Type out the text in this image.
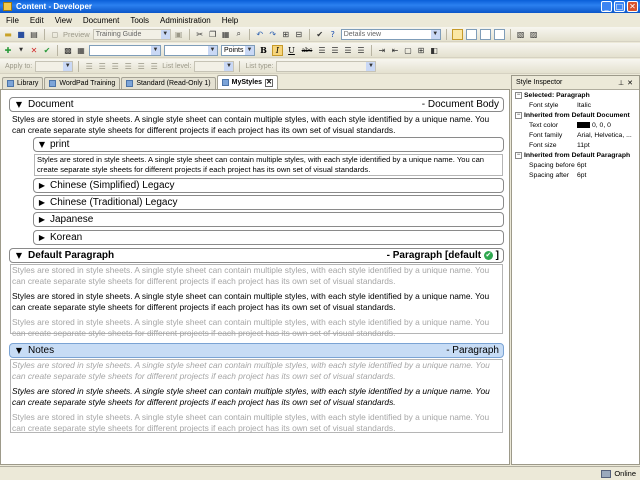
Content - Developer	_ □ ✕
File Edit View Document Tools Administration Help
▬ ■ ▤ ◻ Preview Training Guide	▼ ▣ ✂ ❐ ▦ ⌕	↶ ↷ ⊞ ⊟ ✔ ?	Details view	▼	▧ ▨
✚	▼ ✕ ✔ ▩ ▦	▼	▼ Points ▼ B	I	U	abc ☰ ☰ ☰ ☰ ⇥ ⇤ ▢ ⊞ ◧
Apply to:	▼ ☰ ☰ ☰ ☰ ☰ ☰ List level:	▼ List type:	▼
Library	WordPad Training	Standard (Read-Only 1)	MyStyles ✕
▼ Document	- Document Body
Styles are stored in style sheets. A single style sheet can contain multiple styles, with each style identified by a unique name. You can create separate style sheets for different projects if each project has its own set of visual standards.
▼ print
Styles are stored in style sheets. A single style sheet can contain multiple styles, with each style identified by a unique name. You can create separate style sheets for different projects if each project has its own set of visual standards.
▶ Chinese (Simplified) Legacy
▶ Chinese (Traditional) Legacy
▶ Japanese
▶ Korean
▼ Default Paragraph	- Paragraph [default ✔ ]
Styles are stored in style sheets. A single style sheet can contain multiple styles, with each style identified by a unique name. You can create separate style sheets for different projects if each project has its own set of visual standards.
Styles are stored in style sheets. A single style sheet can contain multiple styles, with each style identified by a unique name. You can create separate style sheets for different projects if each project has its own set of visual standards.
Styles are stored in style sheets. A single style sheet can contain multiple styles, with each style identified by a unique name. You can create separate style sheets for different projects if each project has its own set of visual standards.
▼ Notes	- Paragraph
Styles are stored in style sheets. A single style sheet can contain multiple styles, with each style identified by a unique name. You can create separate style sheets for different projects if each project has its own set of visual standards.
Styles are stored in style sheets. A single style sheet can contain multiple styles, with each style identified by a unique name. You can create separate style sheets for different projects if each project has its own set of visual standards.
Styles are stored in style sheets. A single style sheet can contain multiple styles, with each style identified by a unique name. You can create separate style sheets for different projects if each project has its own set of visual standards.
Style Inspector	⊥✕
− Selected: Paragraph
Font style	Italic
− Inherited from Default Document
Text color	0, 0, 0
Font family	Arial, Helvetica, ...
Font size	11pt
− Inherited from Default Paragraph
Spacing before 6pt
Spacing after	6pt
Online
